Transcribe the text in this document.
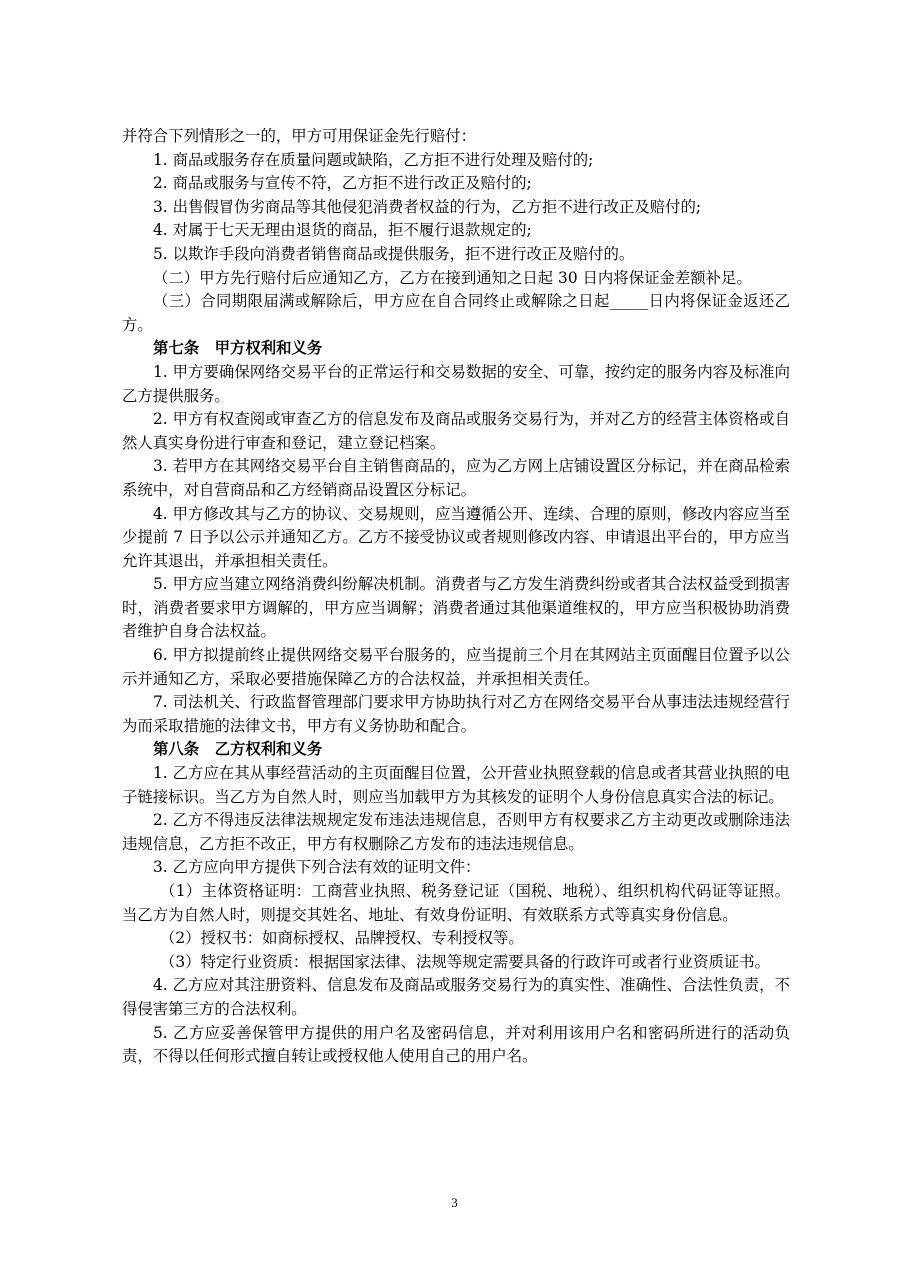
并符合下列情形之一的，甲方可用保证金先行赔付：

1. 商品或服务存在质量问题或缺陷，乙方拒不进行处理及赔付的;

2. 商品或服务与宣传不符，乙方拒不进行改正及赔付的;

3. 出售假冒伪劣商品等其他侵犯消费者权益的行为，乙方拒不进行改正及赔付的;

4. 对属于七天无理由退货的商品，拒不履行退款规定的;

5. 以欺诈手段向消费者销售商品或提供服务，拒不进行改正及赔付的。

（二）甲方先行赔付后应通知乙方，乙方在接到通知之日起 30 日内将保证金差额补足。

（三）合同期限届满或解除后，甲方应在自合同终止或解除之日起_____日内将保证金返还乙方。

第七条　甲方权利和义务

1. 甲方要确保网络交易平台的正常运行和交易数据的安全、可靠，按约定的服务内容及标准向乙方提供服务。

2. 甲方有权查阅或审查乙方的信息发布及商品或服务交易行为，并对乙方的经营主体资格或自然人真实身份进行审查和登记，建立登记档案。

3. 若甲方在其网络交易平台自主销售商品的，应为乙方网上店铺设置区分标记，并在商品检索系统中，对自营商品和乙方经销商品设置区分标记。

4. 甲方修改其与乙方的协议、交易规则，应当遵循公开、连续、合理的原则，修改内容应当至少提前 7 日予以公示并通知乙方。乙方不接受协议或者规则修改内容、申请退出平台的，甲方应当允许其退出，并承担相关责任。

5. 甲方应当建立网络消费纠纷解决机制。消费者与乙方发生消费纠纷或者其合法权益受到损害时，消费者要求甲方调解的，甲方应当调解；消费者通过其他渠道维权的，甲方应当积极协助消费者维护自身合法权益。

6. 甲方拟提前终止提供网络交易平台服务的，应当提前三个月在其网站主页面醒目位置予以公示并通知乙方，采取必要措施保障乙方的合法权益，并承担相关责任。

7. 司法机关、行政监督管理部门要求甲方协助执行对乙方在网络交易平台从事违法违规经营行为而采取措施的法律文书，甲方有义务协助和配合。

第八条　乙方权利和义务

1. 乙方应在其从事经营活动的主页面醒目位置，公开营业执照登载的信息或者其营业执照的电子链接标识。当乙方为自然人时，则应当加载甲方为其核发的证明个人身份信息真实合法的标记。

2. 乙方不得违反法律法规规定发布违法违规信息，否则甲方有权要求乙方主动更改或删除违法违规信息，乙方拒不改正，甲方有权删除乙方发布的违法违规信息。

3. 乙方应向甲方提供下列合法有效的证明文件：

（1）主体资格证明：工商营业执照、税务登记证（国税、地税）、组织机构代码证等证照。当乙方为自然人时，则提交其姓名、地址、有效身份证明、有效联系方式等真实身份信息。

（2）授权书：如商标授权、品牌授权、专利授权等。

（3）特定行业资质：根据国家法律、法规等规定需要具备的行政许可或者行业资质证书。

4. 乙方应对其注册资料、信息发布及商品或服务交易行为的真实性、准确性、合法性负责，不得侵害第三方的合法权利。

5. 乙方应妥善保管甲方提供的用户名及密码信息，并对利用该用户名和密码所进行的活动负责，不得以任何形式擅自转让或授权他人使用自己的用户名。

3
